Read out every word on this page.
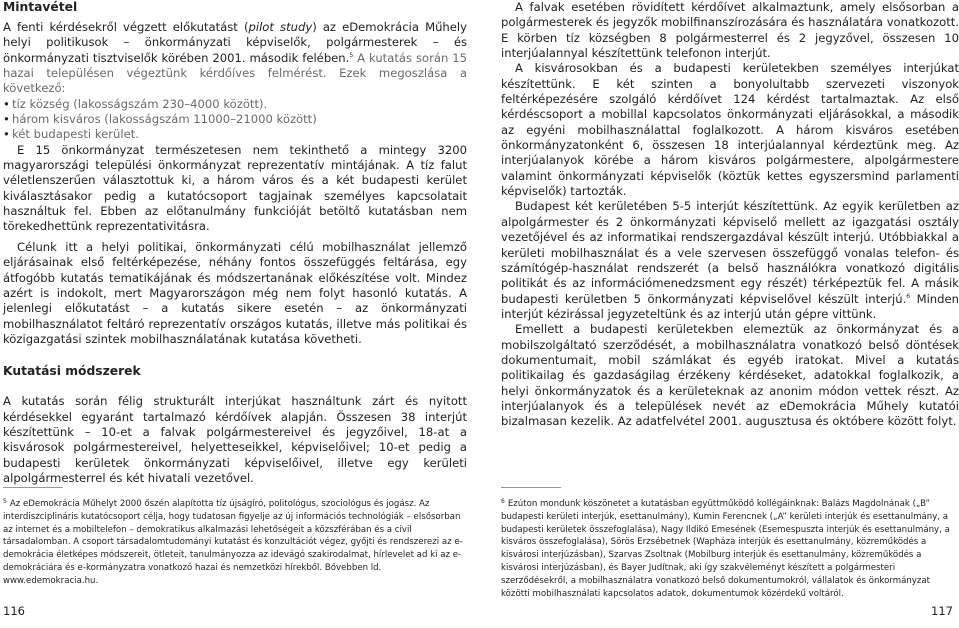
Mintavétel

A fenti kérdésekről végzett előkutatást (pilot study) az eDemokrácia Műhely helyi politikusok – önkormányzati képviselők, polgármesterek – és önkormányzati tisztviselők körében 2001. második felében.$^5$ A kutatás során 15 hazai településen végeztünk kérdőíves felmérést. Ezek megoszlása a következő:

• tíz község (lakosságszám 230–4000 között).
• három kisváros (lakosságszám 11000–21000 között)
• két budapesti kerület.

E 15 önkormányzat természetesen nem tekinthető a mintegy 3200 magyarországi települési önkormányzat reprezentatív mintájának. A tíz falut véletlenszerűen választottuk ki, a három város és a két budapesti kerület kiválasztásakor pedig a kutatócsoport tagjainak személyes kapcsolatait használtuk fel. Ebben az előtanulmány funkcióját betöltő kutatásban nem törekedhettünk reprezentativitásra.

Célunk itt a helyi politikai, önkormányzati célú mobilhasználat jellemző eljárásainak első feltérképezése, néhány fontos összefüggés feltárása, egy átfogóbb kutatás tematikájának és módszertanának előkészítése volt. Mindez azért is indokolt, mert Magyarországon még nem folyt hasonló kutatás. A jelenlegi előkutatást – a kutatás sikere esetén – az önkormányzati mobilhasználatot feltáró reprezentatív országos kutatás, illetve más politikai és közigazgatási szintek mobilhasználatának kutatása követheti.

Kutatási módszerek

A kutatás során félig strukturált interjúkat használtunk zárt és nyitott kérdésekkel egyaránt tartalmazó kérdőívek alapján. Összesen 38 interjút készítettünk – 10-et a falvak polgármestereivel és jegyzőivel, 18-at a kisvárosok polgármestereivel, helyetteseikkel, képviselőivel; 10-et pedig a budapesti kerületek önkormányzati képviselőivel, illetve egy kerületi alpolgármesterrel és két hivatali vezetővel.

A falvak esetében rövidített kérdőívet alkalmaztunk, amely elsősorban a polgármesterek és jegyzők mobilfinanszírozására és használatára vonatkozott. E körben tíz községben 8 polgármesterrel és 2 jegyzővel, összesen 10 interjúalannyal készítettünk telefonon interjút.

A kisvárosokban és a budapesti kerületekben személyes interjúkat készítettünk. E két szinten a bonyolultabb szervezeti viszonyok feltérképezésére szolgáló kérdőívet 124 kérdést tartalmaztak. Az első kérdéscsoport a mobillal kapcsolatos önkormányzati eljárásokkal, a második az egyéni mobilhasználattal foglalkozott. A három kisváros esetében önkormányzatonként 6, összesen 18 interjúalannyal kérdeztünk meg. Az interjúalanyok körébe a három kisváros polgármestere, alpolgármestere valamint önkormányzati képviselők (köztük kettes egyszersmind parlamenti képviselők) tartozták.

Budapest két kerületében 5-5 interjút készítettünk. Az egyik kerületben az alpolgármester és 2 önkormányzati képviselő mellett az igazgatási osztály vezetőjével és az informatikai rendszergazdával készült interjú. Utóbbiakkal a kerületi mobilhasználat és a vele szervesen összefüggő vonalas telefon- és számítógép-használat rendszerét (a belső használókra vonatkozó digitális politikát és az információmenedzsment egy részét) térképeztük fel. A másik budapesti kerületben 5 önkormányzati képviselővel készült interjú.$^6$ Minden interjút kézirással jegyzeteltünk és az interjú után gépre vittünk.

Emellett a budapesti kerületekben elemeztük az önkormányzat és a mobilszolgáltató szerződését, a mobilhasználatra vonatkozó belső döntések dokumentumait, mobil számlákat és egyéb iratokat. Mivel a kutatás politikailag és gazdaságilag érzékeny kérdéseket, adatokkal foglalkozik, a helyi önkormányzatok és a kerületeknak az anonim módon vettek részt. Az interjúalanyok és a települések nevét az eDemokrácia Műhely kutatói bizalmasan kezelik. Az adatfelvétel 2001. augusztusa és októbere között folyt.

$^5$ Az eDemokrácia Műhelyt 2000 őszén alapította tíz újságíró, politológus, szociológus és jogász. Az interdiszciplináris kutatócsoport célja, hogy tudatosan figyelje az új információs technológiák – elsősorban az internet és a mobiltelefon – demokratikus alkalmazási lehetőségeit a közszférában és a civil társadalomban. A csoport társadalomtudományi kutatást és konzultációt végez, győjti és rendszerezi az e-demokrácia életképes módszereit, ötleteit, tanulmányozza az idevágó szakirodalmat, hírlevelet ad ki az e-demokráciára és e-kormányzatra vonatkozó hazai és nemzetközi hírekből. Bővebben ld. www.edemokracia.hu.
$^6$ Ezúton mondunk köszönetet a kutatásban együttműködő kollégáinknak: Balázs Magdolnának („B” budapesti kerületi interjúk, esettanulmány), Kumin Ferencnek („A” kerületi interjúk és esettanulmány, a budapesti kerületek összefoglalása), Nagy Ildikó Emesének (Esemespuszta interjúk és esettanulmány, a kisváros összefoglalása), Sörös Erzsébetnek (Wapháza interjúk és esettanulmány, közreműködés a kisvárosi interjúzásban), Szarvas Zsoltnak (Mobilburg interjúk és esettanulmány, közreműködés a kisvárosi interjúzásban), és Bayer Judítnak, aki így szakvéleményt készített a polgármesteri szerződésekről, a mobilhasználatra vonatkozó belső dokumentumokról, vállalatok és önkormányzat közötti mobilhasználati kapcsolatos adatok, dokumentumok közérdekű voltáról.
116	117
